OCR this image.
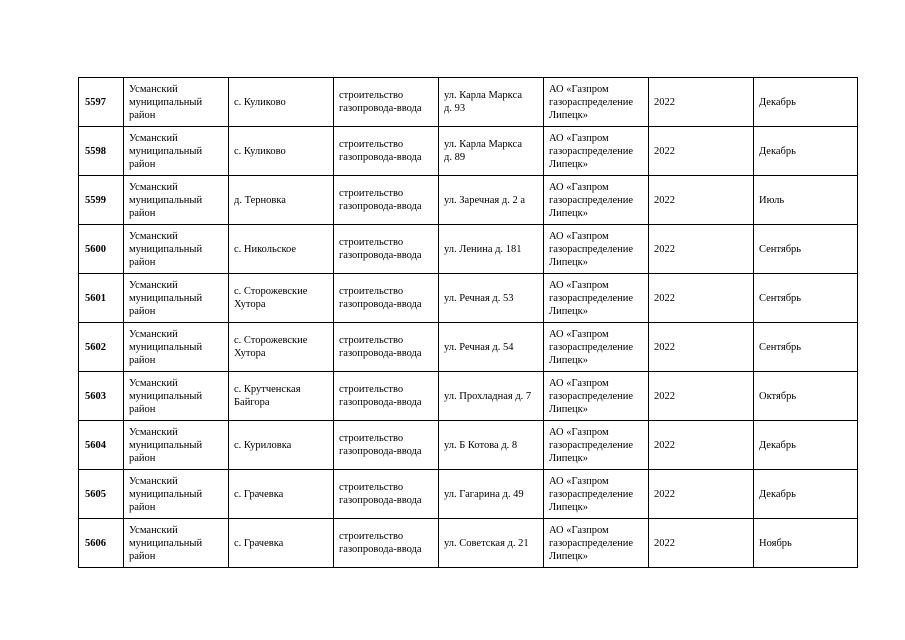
5597	Усманский
муниципальный
район	с. Куликово	строительство
газопровода-ввода	ул. Карла Маркса
д. 93	АО «Газпром
газораспределение
Липецк»	2022	Декабрь
5598	Усманский
муниципальный
район	с. Куликово	строительство
газопровода-ввода	ул. Карла Маркса
д. 89	АО «Газпром
газораспределение
Липецк»	2022	Декабрь
5599	Усманский
муниципальный
район	д. Терновка	строительство
газопровода-ввода	ул. Заречная д. 2 а	АО «Газпром
газораспределение
Липецк»	2022	Июль
5600	Усманский
муниципальный
район	с. Никольское	строительство
газопровода-ввода	ул. Ленина д. 181	АО «Газпром
газораспределение
Липецк»	2022	Сентябрь
5601	Усманский
муниципальный
район	с. Сторожевские
Хутора	строительство
газопровода-ввода	ул. Речная д. 53	АО «Газпром
газораспределение
Липецк»	2022	Сентябрь
5602	Усманский
муниципальный
район	с. Сторожевские
Хутора	строительство
газопровода-ввода	ул. Речная д. 54	АО «Газпром
газораспределение
Липецк»	2022	Сентябрь
5603	Усманский
муниципальный
район	с. Крутченская
Байгора	строительство
газопровода-ввода	ул. Прохладная д. 7	АО «Газпром
газораспределение
Липецк»	2022	Октябрь
5604	Усманский
муниципальный
район	с. Куриловка	строительство
газопровода-ввода	ул. Б Котова д. 8	АО «Газпром
газораспределение
Липецк»	2022	Декабрь
5605	Усманский
муниципальный
район	с. Грачевка	строительство
газопровода-ввода	ул. Гагарина д. 49	АО «Газпром
газораспределение
Липецк»	2022	Декабрь
5606	Усманский
муниципальный
район	с. Грачевка	строительство
газопровода-ввода	ул. Советская д. 21	АО «Газпром
газораспределение
Липецк»	2022	Ноябрь
